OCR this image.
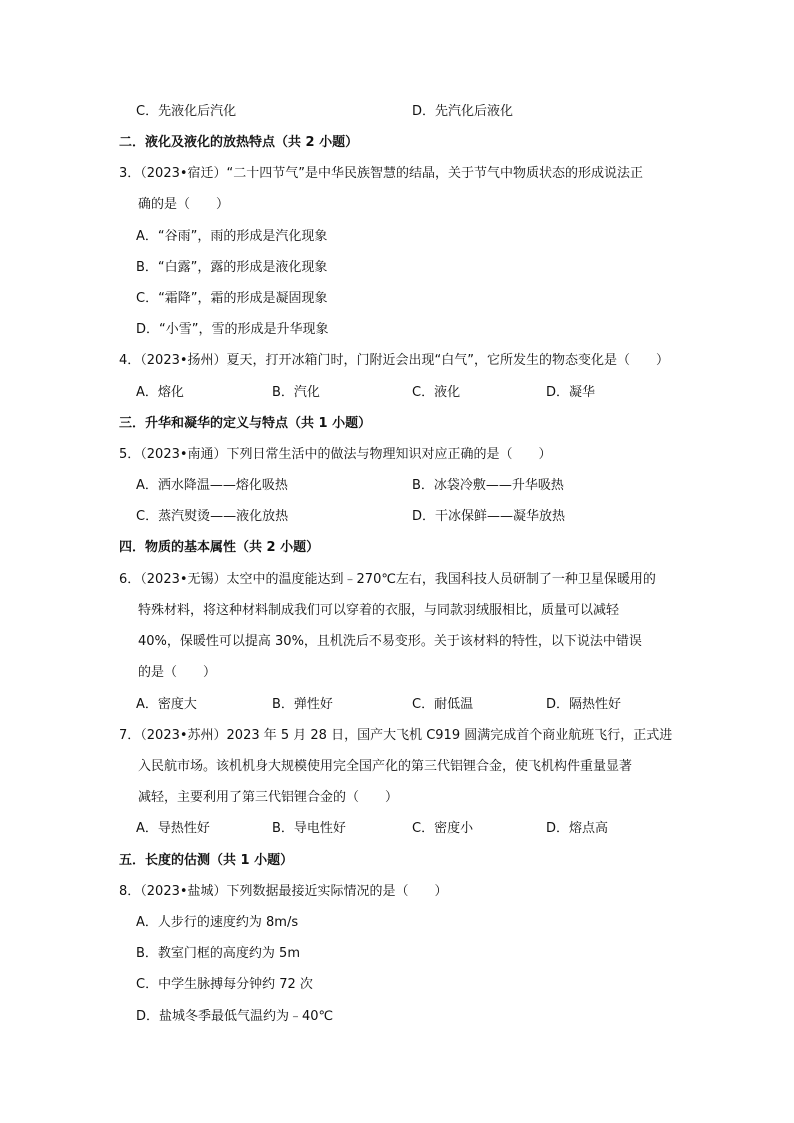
C．先液化后汽化	D．先汽化后液化
二．液化及液化的放热特点（共 2 小题）
3．（2023•宿迁）“二十四节气”是中华民族智慧的结晶，关于节气中物质状态的形成说法正
确的是（　　）
A．“谷雨”，雨的形成是汽化现象
B．“白露”，露的形成是液化现象
C．“霜降”，霜的形成是凝固现象
D．“小雪”，雪的形成是升华现象
4．（2023•扬州）夏天，打开冰箱门时，门附近会出现“白气”，它所发生的物态变化是（　　）
A．熔化	B．汽化	C．液化	D．凝华
三．升华和凝华的定义与特点（共 1 小题）
5．（2023•南通）下列日常生活中的做法与物理知识对应正确的是（　　）
A．洒水降温——熔化吸热	B．冰袋冷敷——升华吸热
C．蒸汽熨烫——液化放热	D．干冰保鲜——凝华放热
四．物质的基本属性（共 2 小题）
6．（2023•无锡）太空中的温度能达到﹣270℃左右，我国科技人员研制了一种卫星保暖用的
特殊材料，将这种材料制成我们可以穿着的衣服，与同款羽绒服相比，质量可以减轻
40%，保暖性可以提高 30%，且机洗后不易变形。关于该材料的特性，以下说法中错误
的是（　　）
A．密度大	B．弹性好	C．耐低温	D．隔热性好
7．（2023•苏州）2023 年 5 月 28 日，国产大飞机 C919 圆满完成首个商业航班飞行，正式进
入民航市场。该机机身大规模使用完全国产化的第三代铝锂合金，使飞机构件重量显著
减轻，主要利用了第三代铝锂合金的（　　）
A．导热性好	B．导电性好	C．密度小	D．熔点高
五．长度的估测（共 1 小题）
8．（2023•盐城）下列数据最接近实际情况的是（　　）
A．人步行的速度约为 8m/s
B．教室门框的高度约为 5m
C．中学生脉搏每分钟约 72 次
D．盐城冬季最低气温约为﹣40℃
